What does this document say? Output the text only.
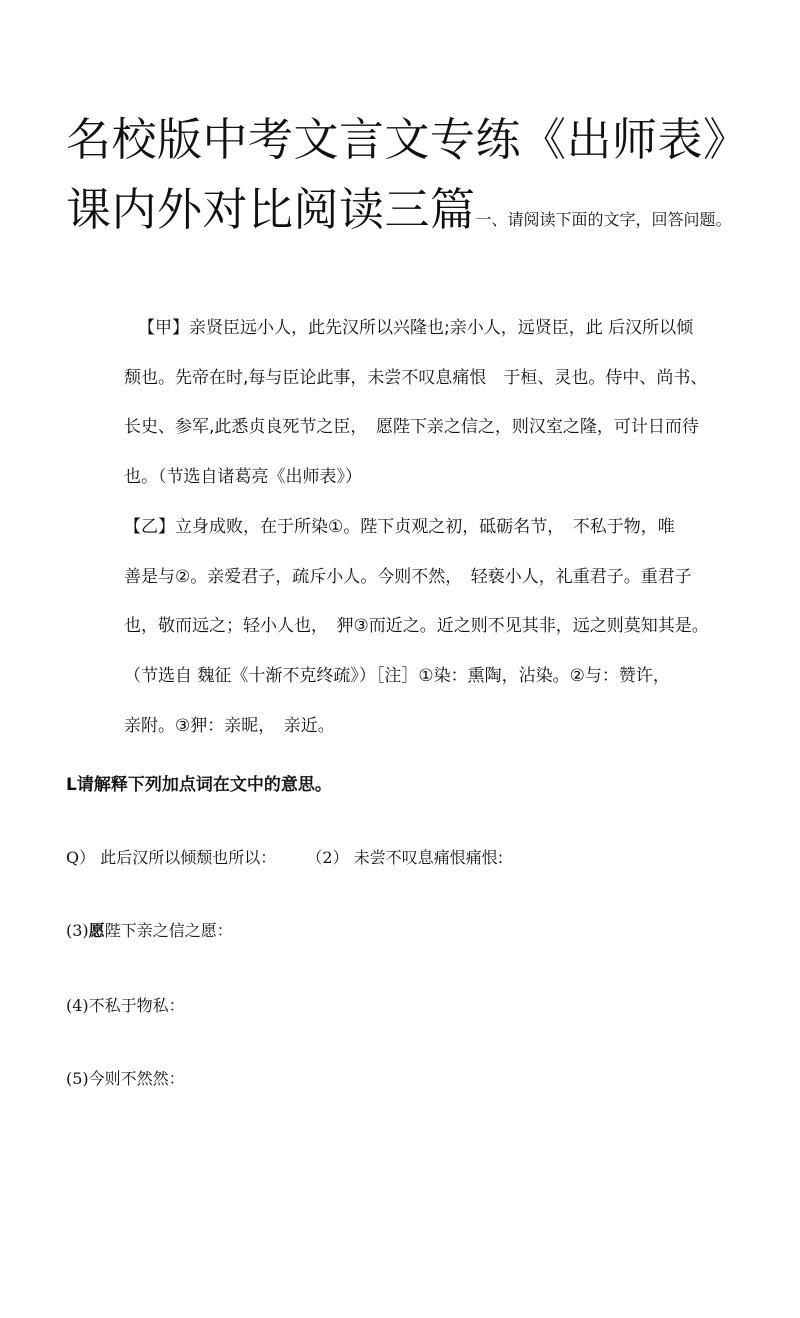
名校版中考文言文专练《出师表》
课内外对比阅读三篇一、请阅读下面的文字，回答问题。
【甲】亲贤臣远小人，此先汉所以兴隆也;亲小人，远贤臣，此 后汉所以倾
颓也。先帝在时,每与臣论此事，未尝不叹息痛恨　于桓、灵也。侍中、尚书、
长史、参军,此悉贞良死节之臣，　愿陛下亲之信之，则汉室之隆，可计日而待
也。（节选自诸葛亮《出师表》）
【乙】立身成败，在于所染①。陛下贞观之初，砥砺名节，　不私于物，唯
善是与②。亲爱君子，疏斥小人。今则不然，　轻亵小人，礼重君子。重君子
也，敬而远之；轻小人也，　狎③而近之。近之则不见其非，远之则莫知其是。
（节选自 魏征《十渐不克终疏》）［注］①染：熏陶，沾染。②与：赞许，
亲附。③狎：亲昵，　亲近。
L请解释下列加点词在文中的意思。
Q） 此后汉所以倾颓也所以： （2） 未尝不叹息痛恨痛恨:
(3)愿陛下亲之信之愿：
(4)不私于物私：
(5)今则不然然：
